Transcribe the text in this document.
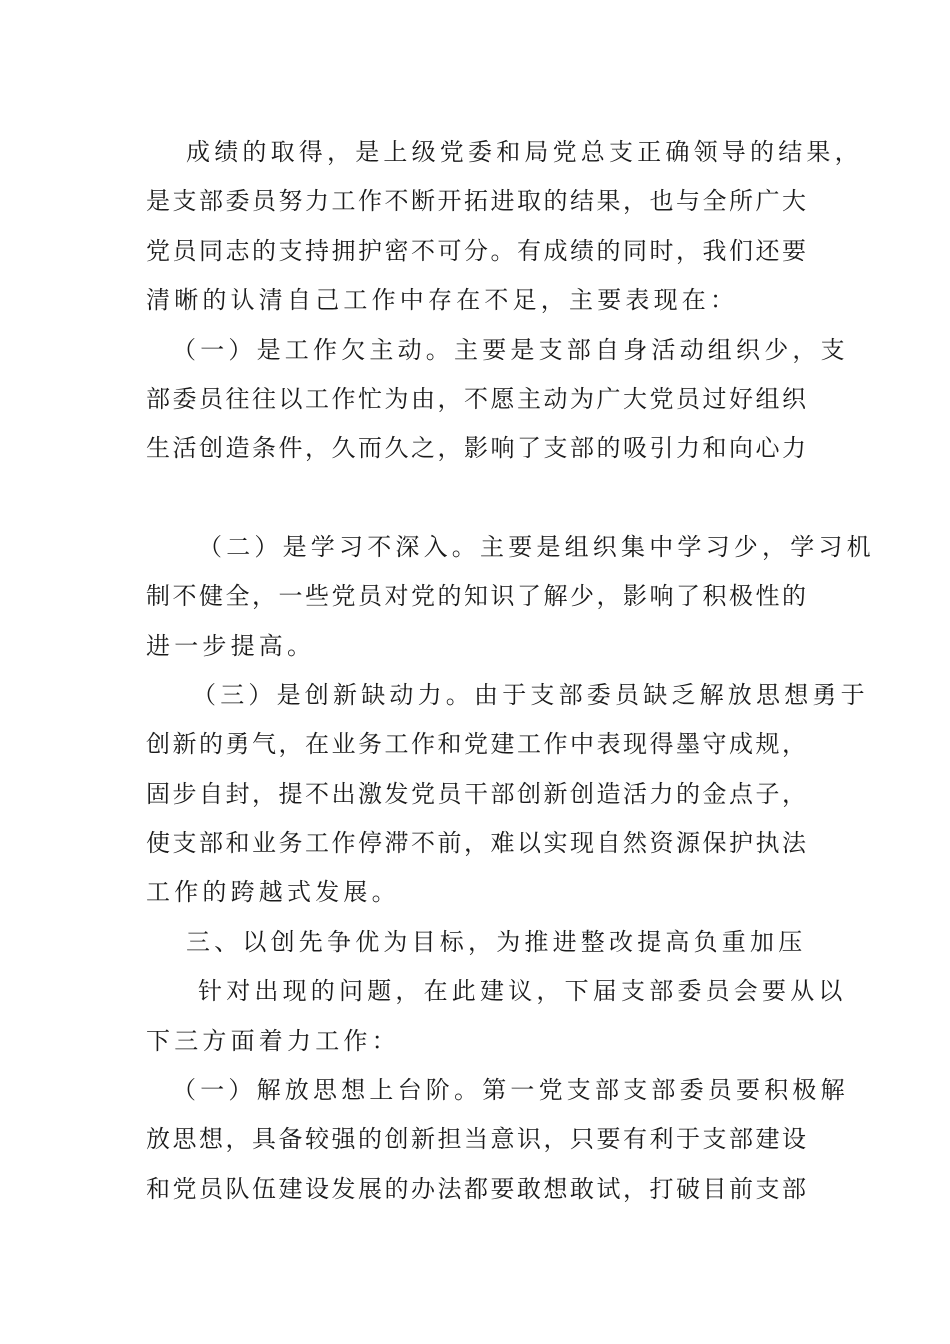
成绩的取得，是上级党委和局党总支正确领导的结果，
是 支 部 委 员 努 力 工 作 不 断 开 拓 进 取 的 结 果 ， 也 与 全 所 广 大
党 员 同 志 的 支 持 拥 护 密 不 可 分 。 有 成 绩 的 同 时 ， 我 们 还 要
清晰的认清自己工作中存在不足，主要表现在：
（一）是工作欠主动。主要是支部自身活动组织少，支
部 委 员 往 往 以 工 作 忙 为 由 ， 不 愿 主 动 为 广 大 党 员 过 好 组 织
生 活 创 造 条 件 ， 久 而 久 之 ， 影 响 了 支 部 的 吸 引 力 和 向 心 力
（二）是学习不深入。主要是组织集中学习少，学习机
制 不 健 全 ， 一 些 党 员 对 党 的 知 识 了 解 少 ， 影 响 了 积 极 性 的
进一步提高。
（三）是创新缺动力。由于支部委员缺乏解放思想勇于
创 新 的 勇 气 ， 在 业 务 工 作 和 党 建 工 作 中 表 现 得 墨 守 成 规 ，
固 步 自 封 ， 提 不 出 激 发 党 员 干 部 创 新 创 造 活 力 的 金 点 子 ，
使 支 部 和 业 务 工 作 停 滞 不 前 ， 难 以 实 现 自 然 资 源 保 护 执 法
工作的跨越式发展。
三、以创先争优为目标，为推进整改提高负重加压
针对出现的问题，在此建议，下届支部委员会要从以
下三方面着力工作：
（一）解放思想上台阶。第一党支部支部委员要积极解
放 思 想 ， 具 备 较 强 的 创 新 担 当 意 识 ， 只 要 有 利 于 支 部 建 设
和 党 员 队 伍 建 设 发 展 的 办 法 都 要 敢 想 敢 试 ， 打 破 目 前 支 部
